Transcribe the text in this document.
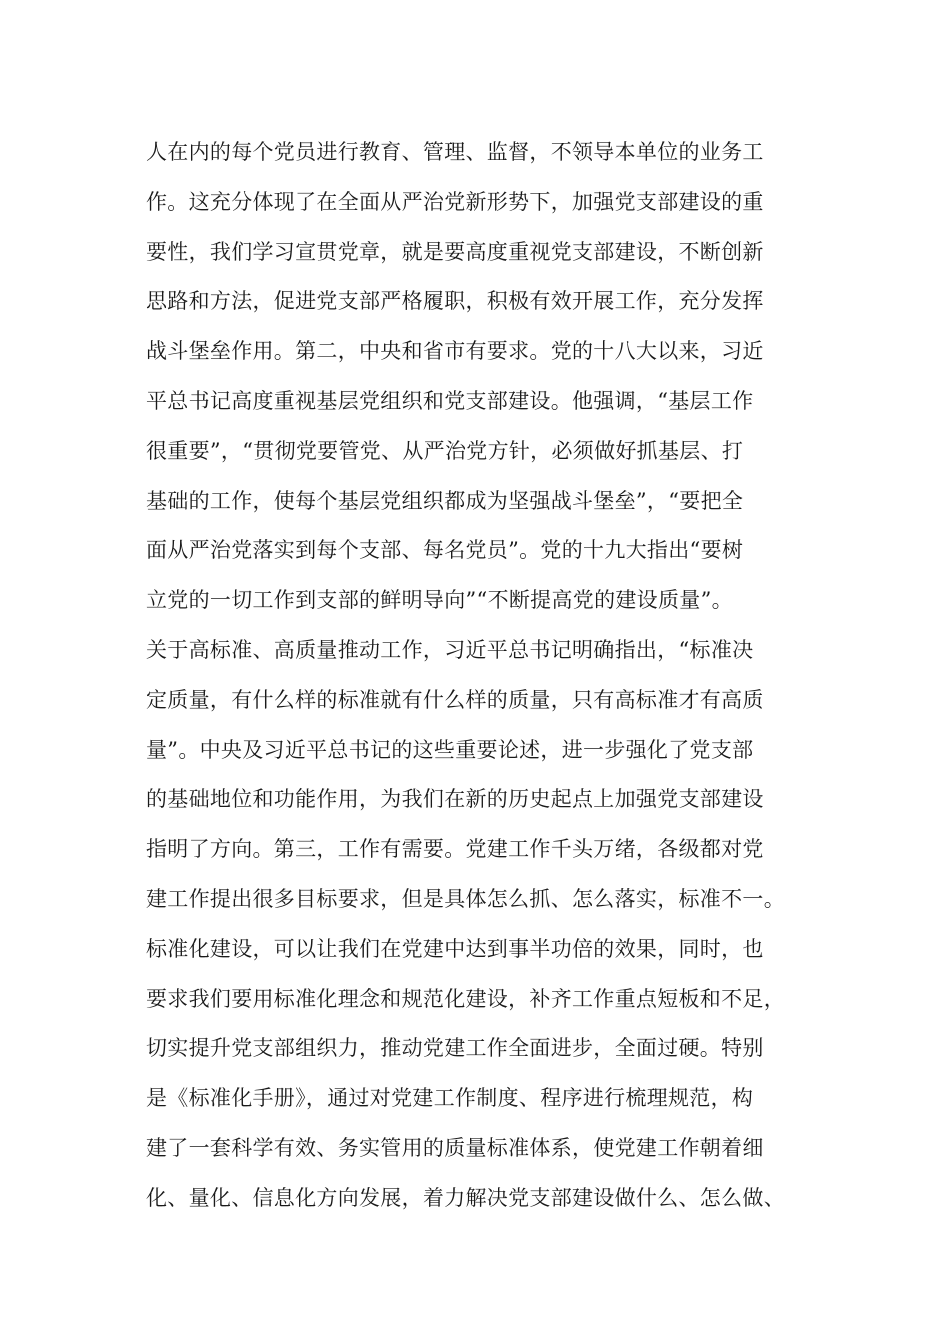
人在内的每个党员进行教育、管理、监督，不领导本单位的业务工
作。这充分体现了在全面从严治党新形势下，加强党支部建设的重
要性，我们学习宣贯党章，就是要高度重视党支部建设，不断创新
思路和方法，促进党支部严格履职，积极有效开展工作，充分发挥
战斗堡垒作用。第二，中央和省市有要求。党的十八大以来，习近
平总书记高度重视基层党组织和党支部建设。他强调，“基层工作
很重要”，“贯彻党要管党、从严治党方针，必须做好抓基层、打
基础的工作，使每个基层党组织都成为坚强战斗堡垒”，“要把全
面从严治党落实到每个支部、每名党员”。党的十九大指出“要树
立党的一切工作到支部的鲜明导向”“不断提高党的建设质量”。
关于高标准、高质量推动工作，习近平总书记明确指出，“标准决
定质量，有什么样的标准就有什么样的质量，只有高标准才有高质
量”。中央及习近平总书记的这些重要论述，进一步强化了党支部
的基础地位和功能作用，为我们在新的历史起点上加强党支部建设
指明了方向。第三，工作有需要。党建工作千头万绪，各级都对党
建工作提出很多目标要求，但是具体怎么抓、怎么落实，标准不一。
标准化建设，可以让我们在党建中达到事半功倍的效果，同时，也
要求我们要用标准化理念和规范化建设，补齐工作重点短板和不足，
切实提升党支部组织力，推动党建工作全面进步，全面过硬。特别
是《标准化手册》，通过对党建工作制度、程序进行梳理规范，构
建了一套科学有效、务实管用的质量标准体系，使党建工作朝着细
化、量化、信息化方向发展，着力解决党支部建设做什么、怎么做、
